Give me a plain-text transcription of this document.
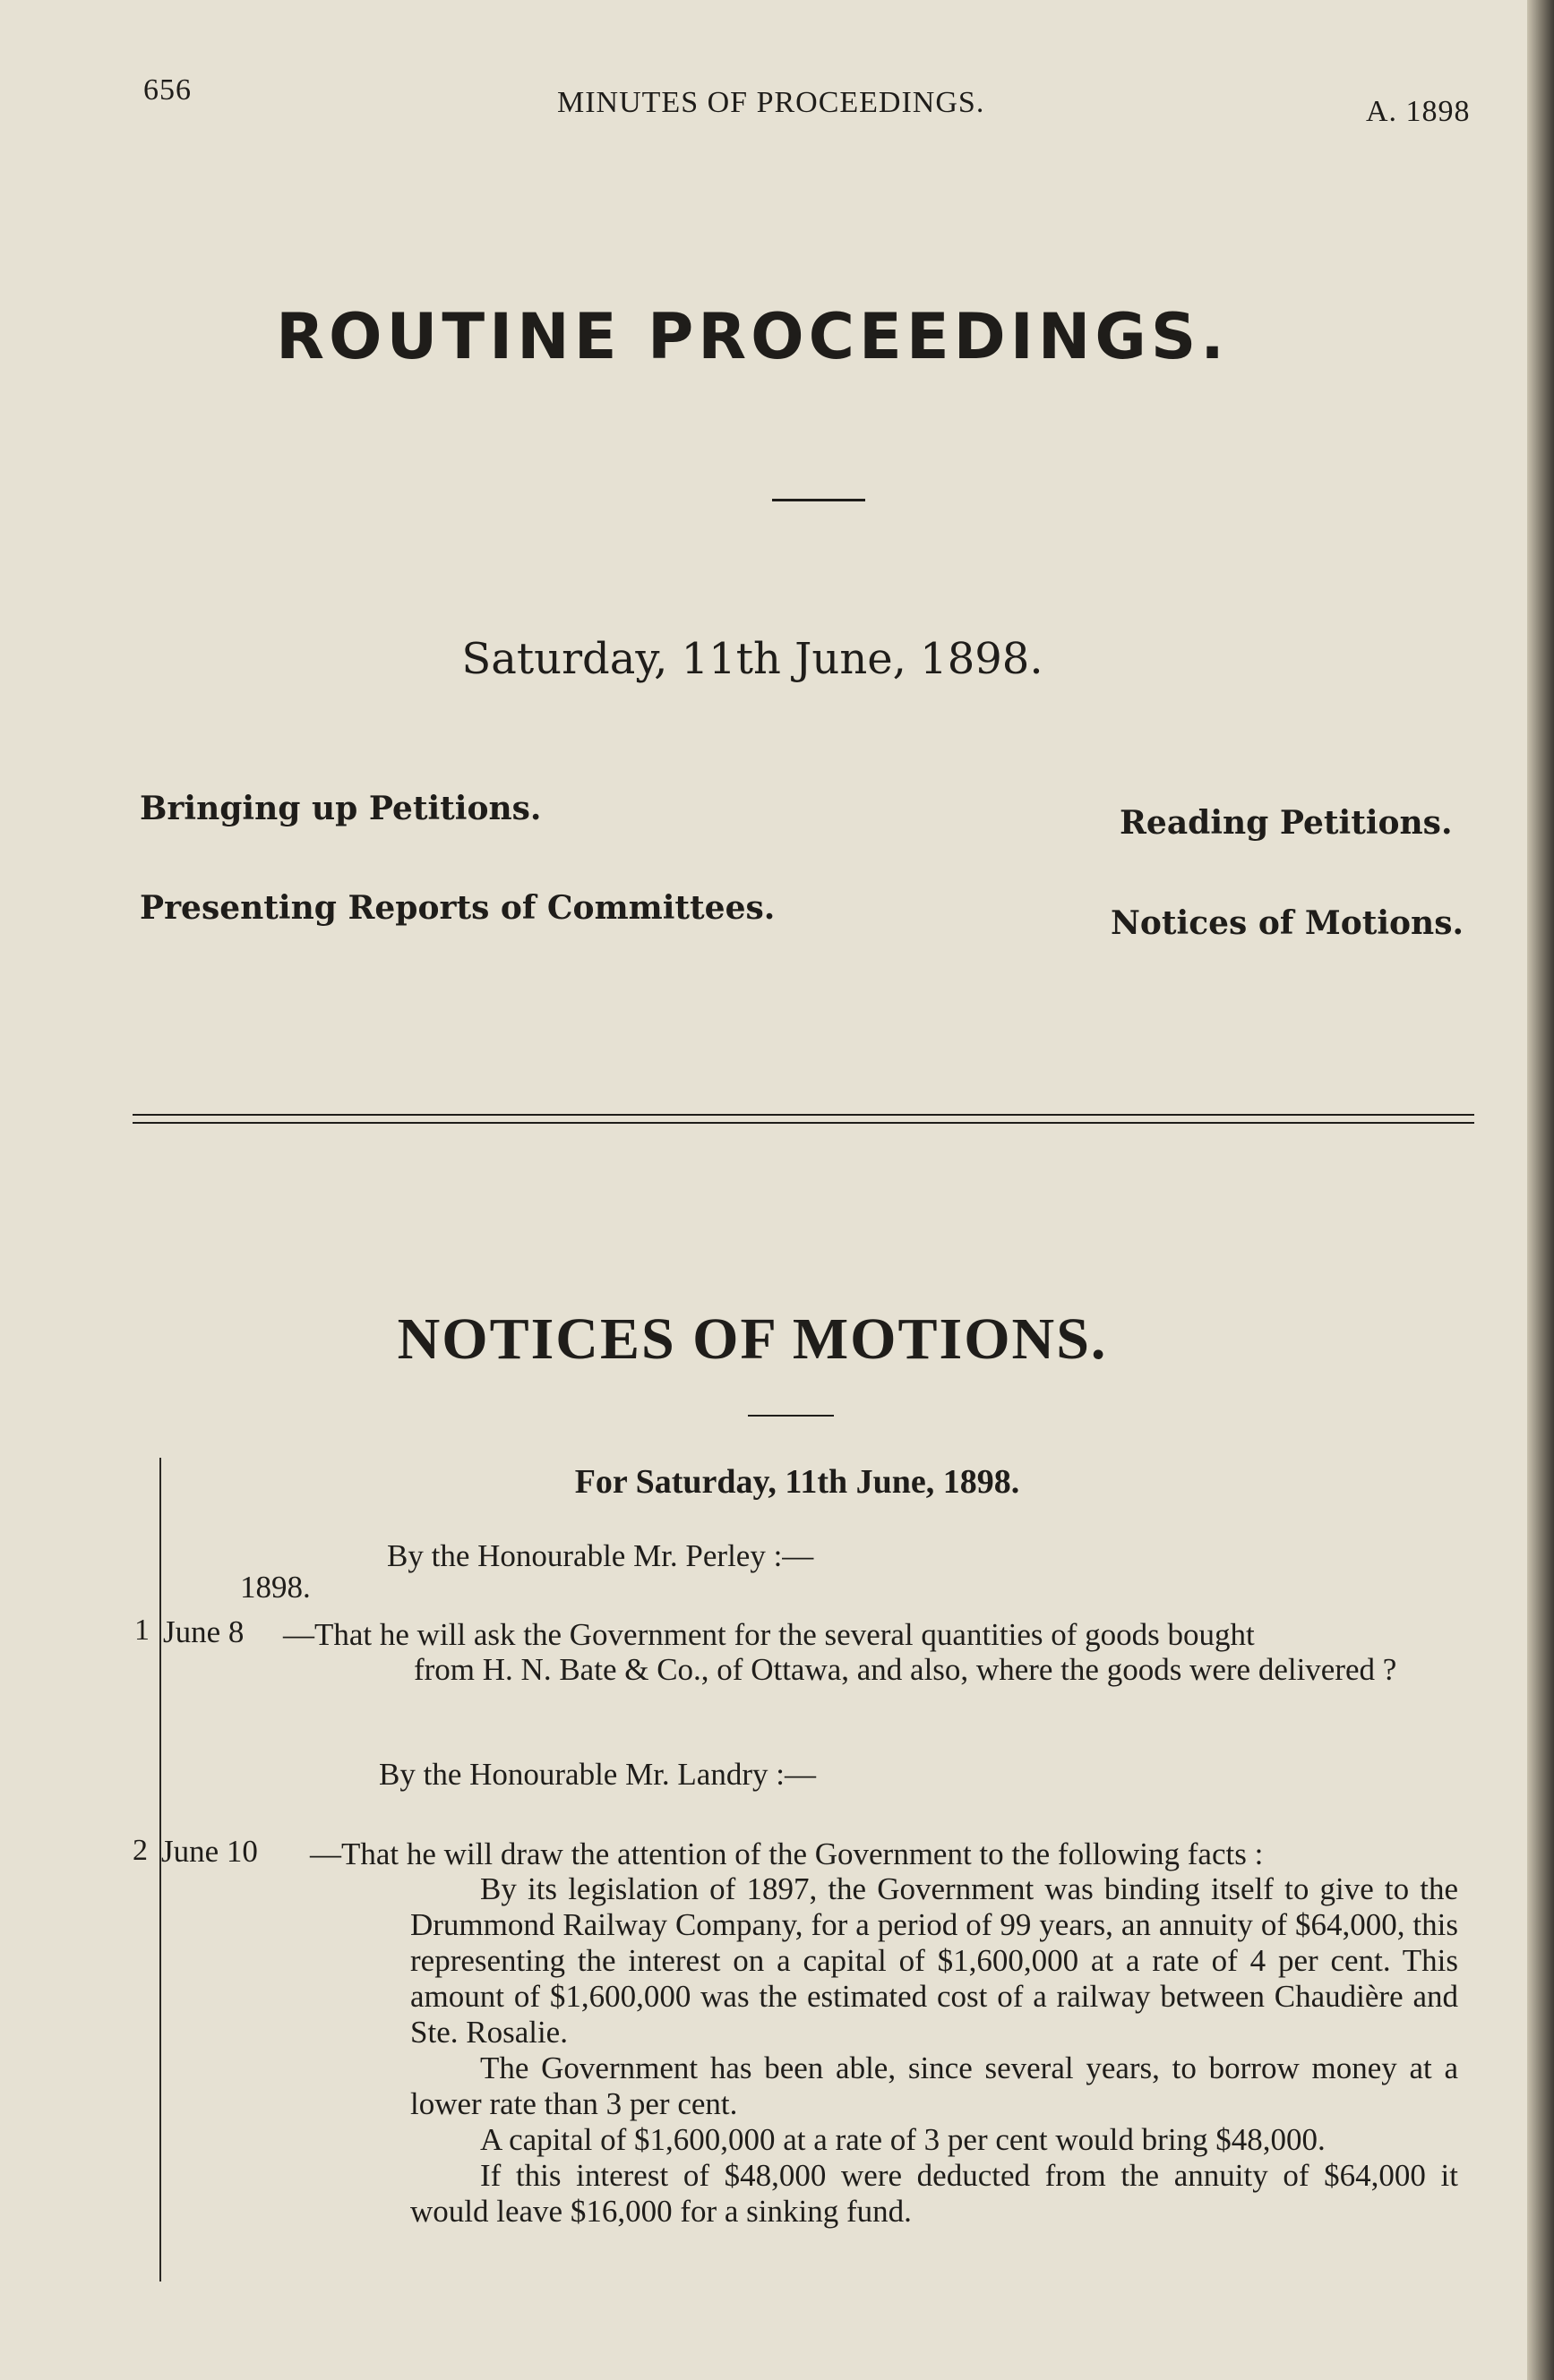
656	MINUTES OF PROCEEDINGS.	A. 1898

ROUTINE PROCEEDINGS.

Saturday, 11th June, 1898.

Bringing up Petitions.	Reading Petitions.

Presenting Reports of Committees.	Notices of Motions.

NOTICES OF MOTIONS.

For Saturday, 11th June, 1898.

By the Honourable Mr. Perley :—

1898.

1 June 8 —That he will ask the Government for the several quantities of goods bought

from H. N. Bate & Co., of Ottawa, and also, where the goods were delivered ?

By the Honourable Mr. Landry :—

2 June 10 —That he will draw the attention of the Government to the following facts :

By its legislation of 1897, the Government was binding itself to give to the Drummond Railway Company, for a period of 99 years, an annuity of $64,000, this representing the interest on a capital of $1,600,000 at a rate of 4 per cent. This amount of $1,600,000 was the estimated cost of a railway between Chaudière and Ste. Rosalie.

The Government has been able, since several years, to borrow money at a lower rate than 3 per cent.

A capital of $1,600,000 at a rate of 3 per cent would bring $48,000.

If this interest of $48,000 were deducted from the annuity of $64,000 it would leave $16,000 for a sinking fund.
